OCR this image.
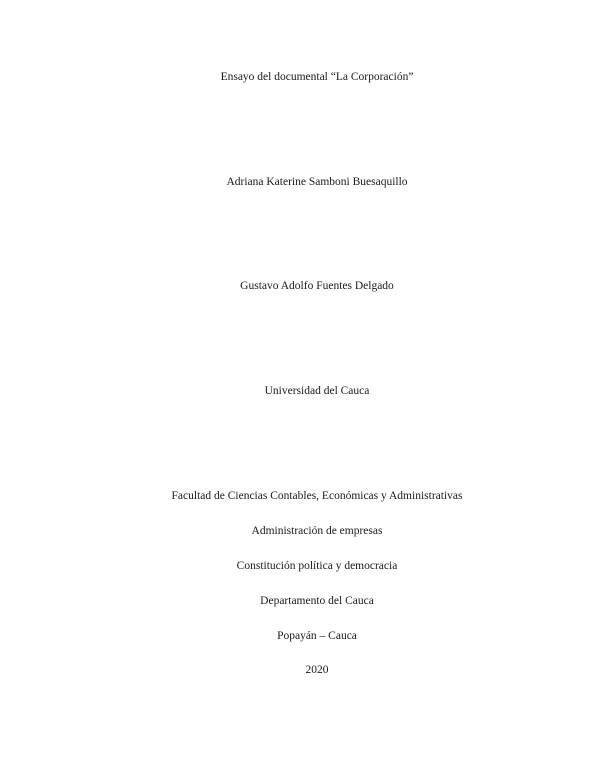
Ensayo del documental “La Corporación”
Adriana Katerine Samboni Buesaquillo
Gustavo Adolfo Fuentes Delgado
Universidad del Cauca
Facultad de Ciencias Contables, Económicas y Administrativas
Administración de empresas
Constitución política y democracia
Departamento del Cauca
Popayán – Cauca
2020
